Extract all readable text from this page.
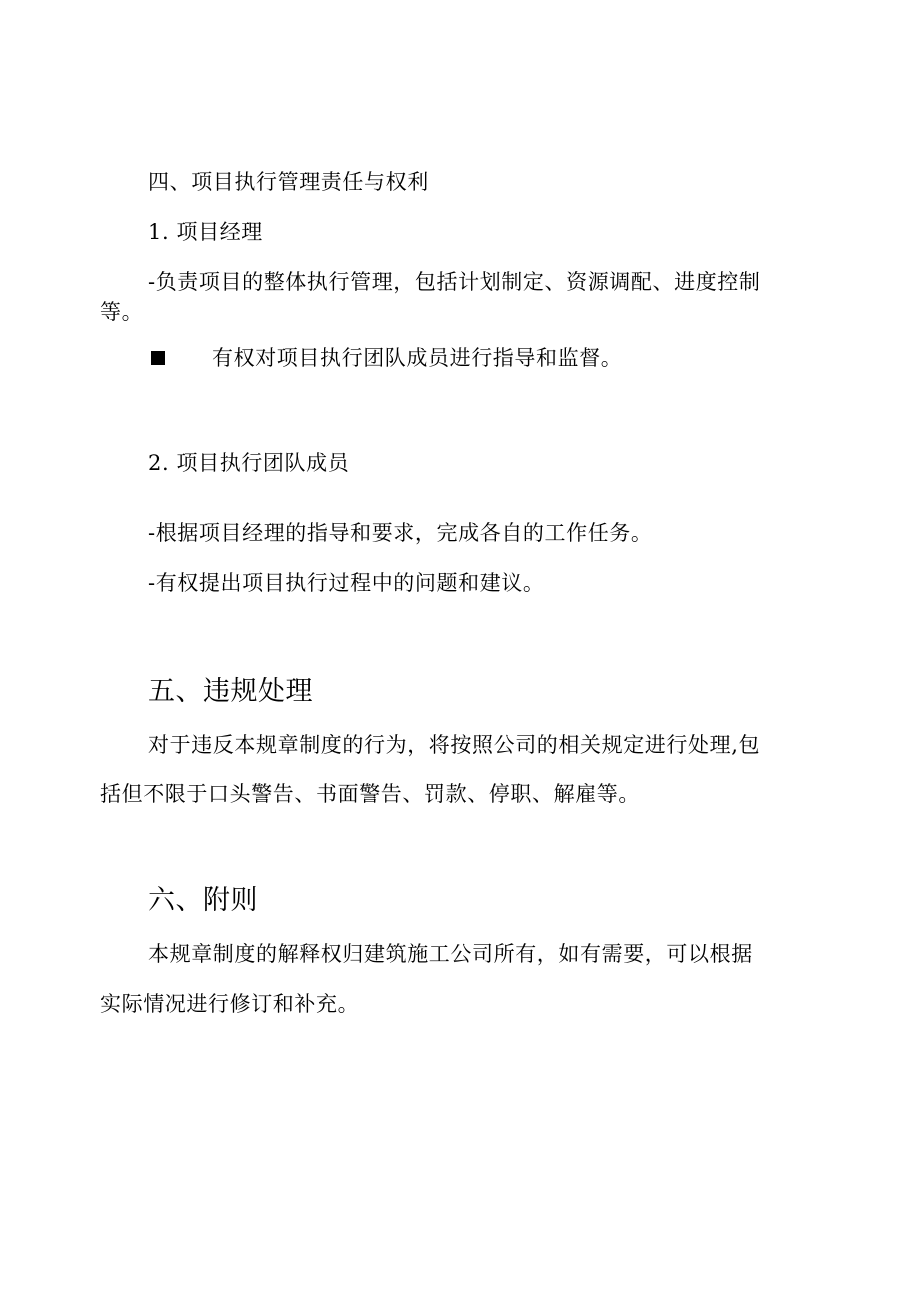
四、项目执行管理责任与权利
1. 项目经理
-负责项目的整体执行管理，包括计划制定、资源调配、进度控制
等。
有权对项目执行团队成员进行指导和监督。
2. 项目执行团队成员
-根据项目经理的指导和要求，完成各自的工作任务。
-有权提出项目执行过程中的问题和建议。
五、违规处理
对于违反本规章制度的行为，将按照公司的相关规定进行处理,包
括但不限于口头警告、书面警告、罚款、停职、解雇等。
六、附则
本规章制度的解释权归建筑施工公司所有，如有需要，可以根据
实际情况进行修订和补充。
